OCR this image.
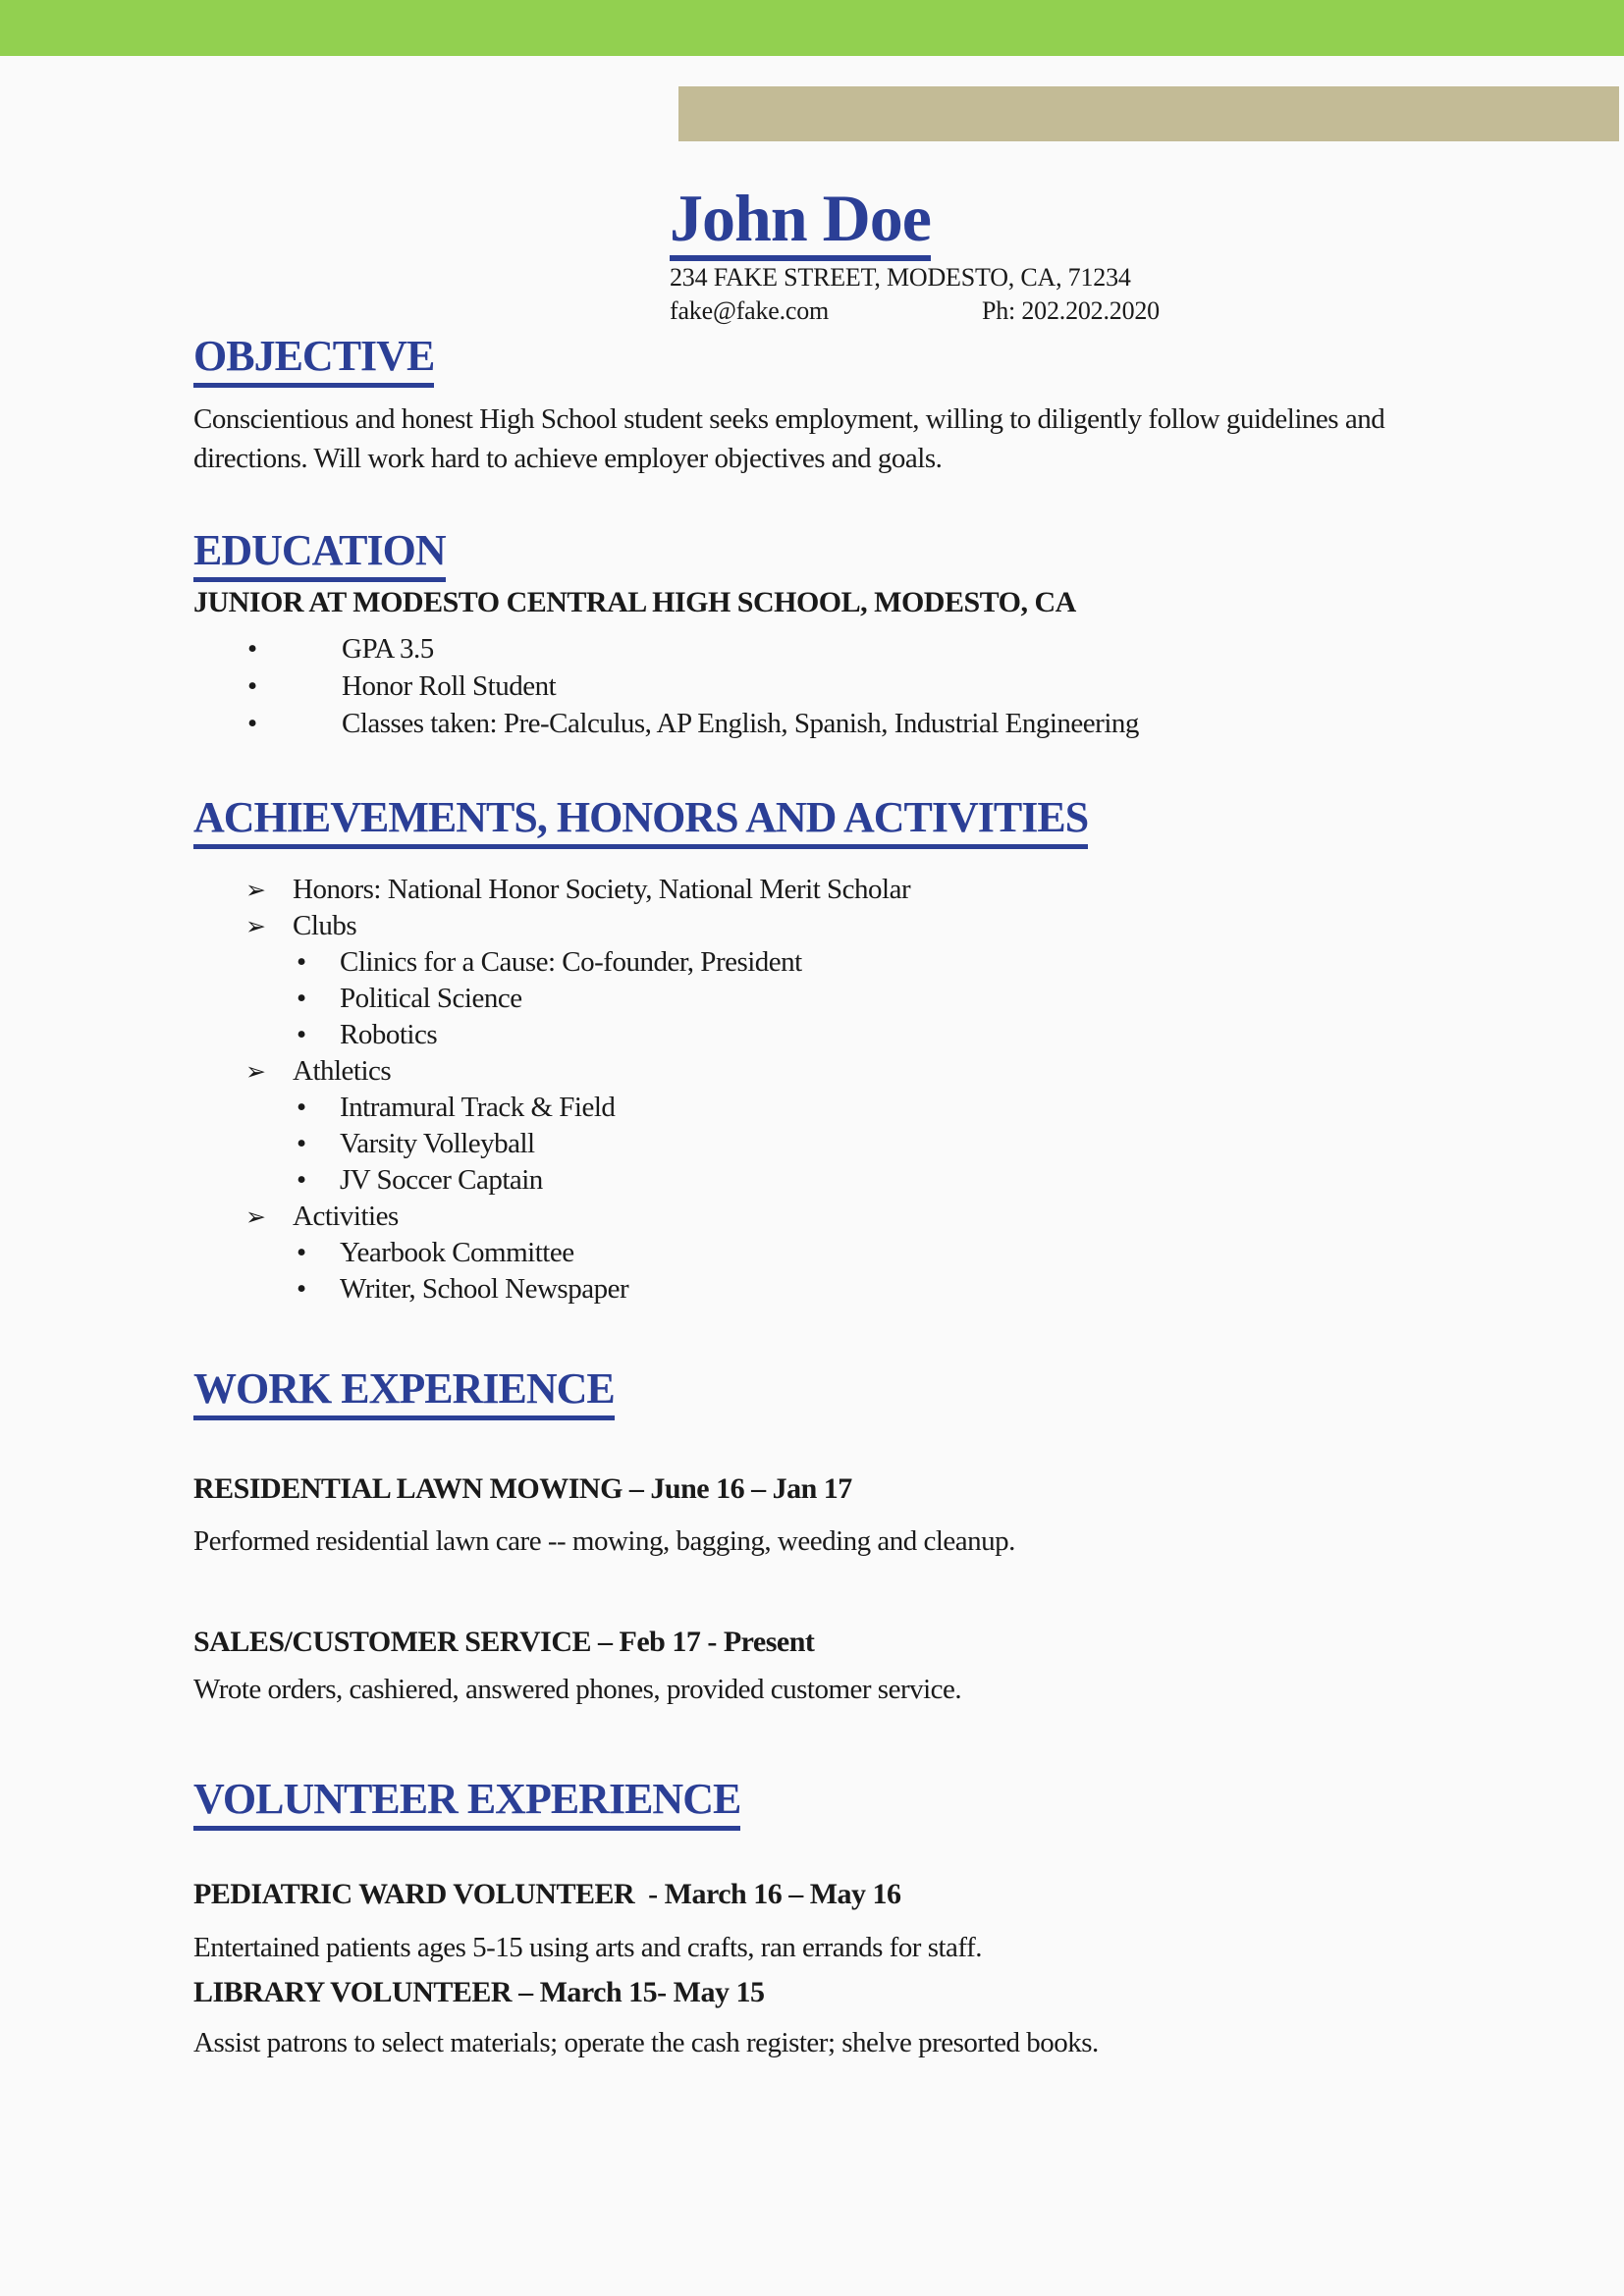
John Doe
234 FAKE STREET, MODESTO, CA, 71234
fake@fake.com	Ph: 202.202.2020
OBJECTIVE

Conscientious and honest High School student seeks employment, willing to diligently follow guidelines and directions. Will work hard to achieve employer objectives and goals.

EDUCATION
JUNIOR AT MODESTO CENTRAL HIGH SCHOOL, MODESTO, CA
•	GPA 3.5
•	Honor Roll Student
•	Classes taken: Pre-Calculus, AP English, Spanish, Industrial Engineering
ACHIEVEMENTS, HONORS AND ACTIVITIES
➢ Honors: National Honor Society, National Merit Scholar
➢ Clubs
• Clinics for a Cause: Co-founder, President
• Political Science
• Robotics
➢ Athletics
• Intramural Track & Field
• Varsity Volleyball
• JV Soccer Captain
➢ Activities
• Yearbook Committee
• Writer, School Newspaper
WORK EXPERIENCE
RESIDENTIAL LAWN MOWING – June 16 – Jan 17

Performed residential lawn care -- mowing, bagging, weeding and cleanup.

SALES/CUSTOMER SERVICE – Feb 17 - Present

Wrote orders, cashiered, answered phones, provided customer service.

VOLUNTEER EXPERIENCE
PEDIATRIC WARD VOLUNTEER  - March 16 – May 16

Entertained patients ages 5-15 using arts and crafts, ran errands for staff.

LIBRARY VOLUNTEER – March 15- May 15

Assist patrons to select materials; operate the cash register; shelve presorted books.
